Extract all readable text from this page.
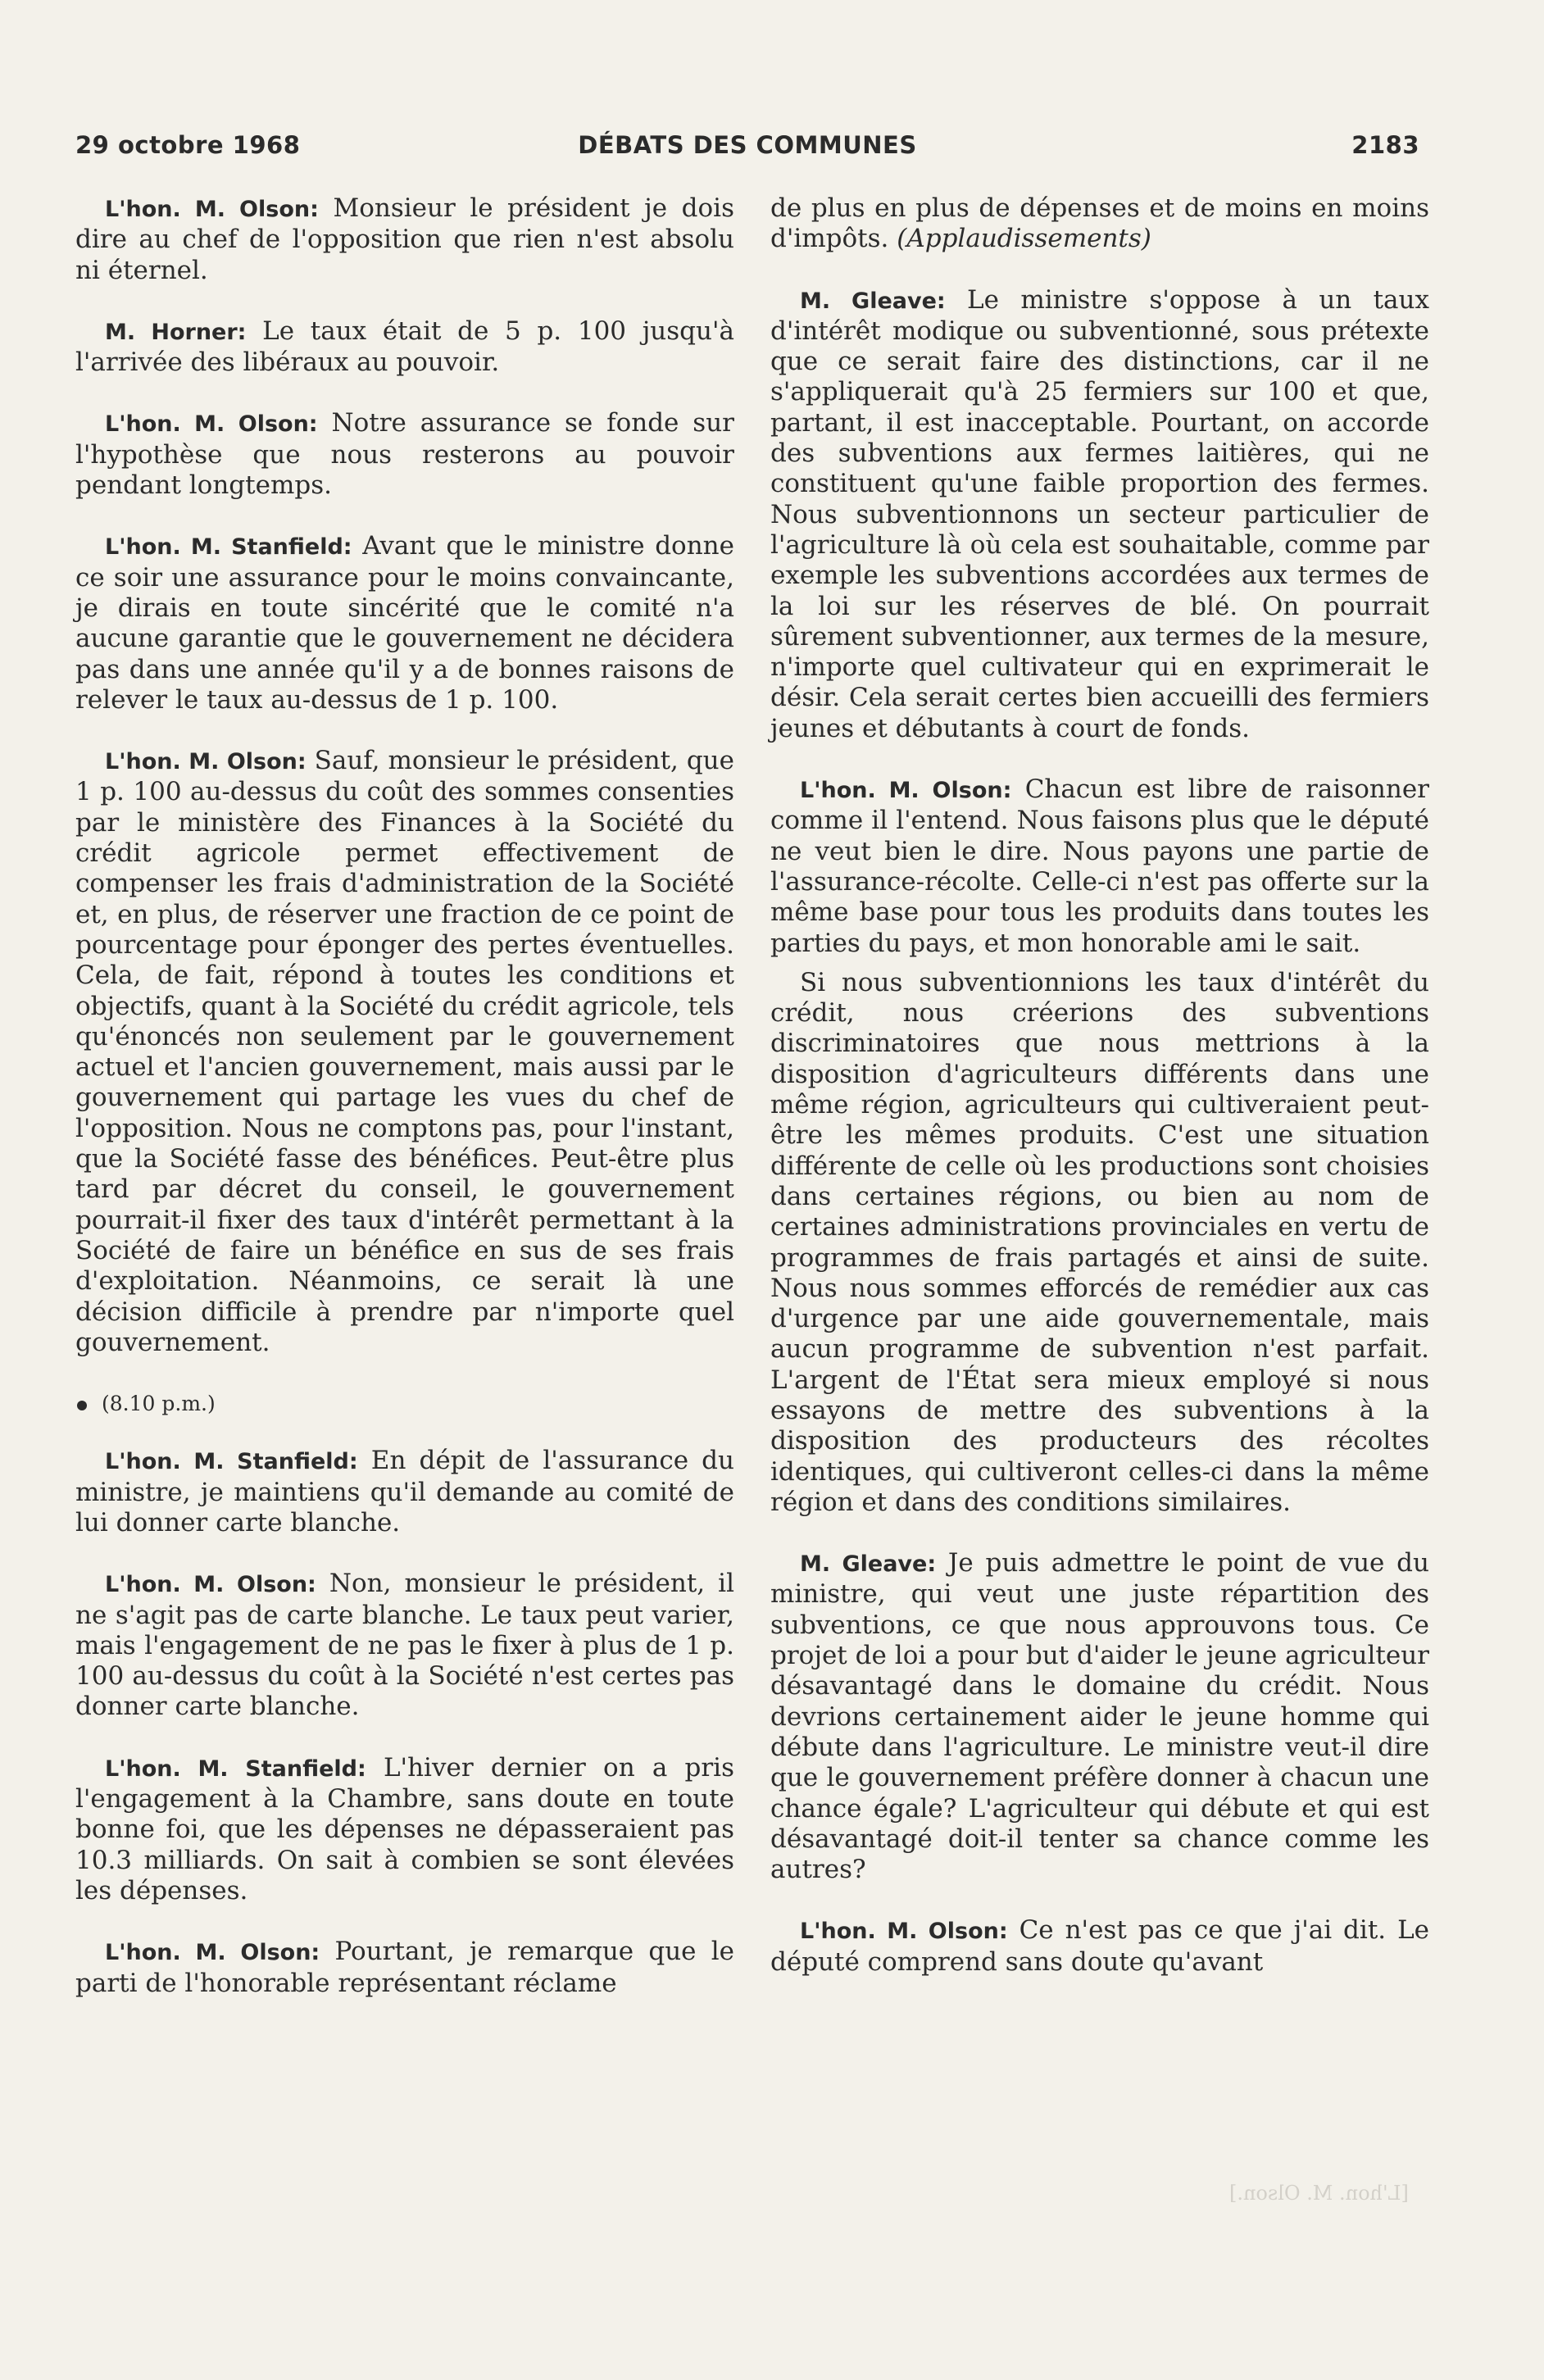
29 octobre 1968	DÉBATS DES COMMUNES	2183

L'hon. M. Olson: Monsieur le président je dois dire au chef de l'opposition que rien n'est absolu ni éternel.

M. Horner: Le taux était de 5 p. 100 jusqu'à l'arrivée des libéraux au pouvoir.

L'hon. M. Olson: Notre assurance se fonde sur l'hypothèse que nous resterons au pouvoir pendant longtemps.

L'hon. M. Stanfield: Avant que le ministre donne ce soir une assurance pour le moins convaincante, je dirais en toute sincérité que le comité n'a aucune garantie que le gouvernement ne décidera pas dans une année qu'il y a de bonnes raisons de relever le taux au-dessus de 1 p. 100.

L'hon. M. Olson: Sauf, monsieur le président, que 1 p. 100 au-dessus du coût des sommes consenties par le ministère des Finances à la Société du crédit agricole permet effectivement de compenser les frais d'administration de la Société et, en plus, de réserver une fraction de ce point de pourcentage pour éponger des pertes éventuelles. Cela, de fait, répond à toutes les conditions et objectifs, quant à la Société du crédit agricole, tels qu'énoncés non seulement par le gouvernement actuel et l'ancien gouvernement, mais aussi par le gouvernement qui partage les vues du chef de l'opposition. Nous ne comptons pas, pour l'instant, que la Société fasse des bénéfices. Peut-être plus tard par décret du conseil, le gouvernement pourrait-il fixer des taux d'intérêt permettant à la Société de faire un bénéfice en sus de ses frais d'exploitation. Néanmoins, ce serait là une décision difficile à prendre par n'importe quel gouvernement.

(8.10 p.m.)

L'hon. M. Stanfield: En dépit de l'assurance du ministre, je maintiens qu'il demande au comité de lui donner carte blanche.

L'hon. M. Olson: Non, monsieur le président, il ne s'agit pas de carte blanche. Le taux peut varier, mais l'engagement de ne pas le fixer à plus de 1 p. 100 au-dessus du coût à la Société n'est certes pas donner carte blanche.

L'hon. M. Stanfield: L'hiver dernier on a pris l'engagement à la Chambre, sans doute en toute bonne foi, que les dépenses ne dépasseraient pas 10.3 milliards. On sait à combien se sont élevées les dépenses.

L'hon. M. Olson: Pourtant, je remarque que le parti de l'honorable représentant réclame

de plus en plus de dépenses et de moins en moins d'impôts. (Applaudissements)

M. Gleave: Le ministre s'oppose à un taux d'intérêt modique ou subventionné, sous prétexte que ce serait faire des distinctions, car il ne s'appliquerait qu'à 25 fermiers sur 100 et que, partant, il est inacceptable. Pourtant, on accorde des subventions aux fermes laitières, qui ne constituent qu'une faible proportion des fermes. Nous subventionnons un secteur particulier de l'agriculture là où cela est souhaitable, comme par exemple les subventions accordées aux termes de la loi sur les réserves de blé. On pourrait sûrement subventionner, aux termes de la mesure, n'importe quel cultivateur qui en exprimerait le désir. Cela serait certes bien accueilli des fermiers jeunes et débutants à court de fonds.

L'hon. M. Olson: Chacun est libre de raisonner comme il l'entend. Nous faisons plus que le député ne veut bien le dire. Nous payons une partie de l'assurance-récolte. Celle-ci n'est pas offerte sur la même base pour tous les produits dans toutes les parties du pays, et mon honorable ami le sait.

Si nous subventionnions les taux d'intérêt du crédit, nous créerions des subventions discriminatoires que nous mettrions à la disposition d'agriculteurs différents dans une même région, agriculteurs qui cultiveraient peut-être les mêmes produits. C'est une situation différente de celle où les productions sont choisies dans certaines régions, ou bien au nom de certaines administrations provinciales en vertu de programmes de frais partagés et ainsi de suite. Nous nous sommes efforcés de remédier aux cas d'urgence par une aide gouvernementale, mais aucun programme de subvention n'est parfait. L'argent de l'État sera mieux employé si nous essayons de mettre des subventions à la disposition des producteurs des récoltes identiques, qui cultiveront celles-ci dans la même région et dans des conditions similaires.

M. Gleave: Je puis admettre le point de vue du ministre, qui veut une juste répartition des subventions, ce que nous approuvons tous. Ce projet de loi a pour but d'aider le jeune agriculteur désavantagé dans le domaine du crédit. Nous devrions certainement aider le jeune homme qui débute dans l'agriculture. Le ministre veut-il dire que le gouvernement préfère donner à chacun une chance égale? L'agriculteur qui débute et qui est désavantagé doit-il tenter sa chance comme les autres?

L'hon. M. Olson: Ce n'est pas ce que j'ai dit. Le député comprend sans doute qu'avant

[L'hon. M. Olson.]
